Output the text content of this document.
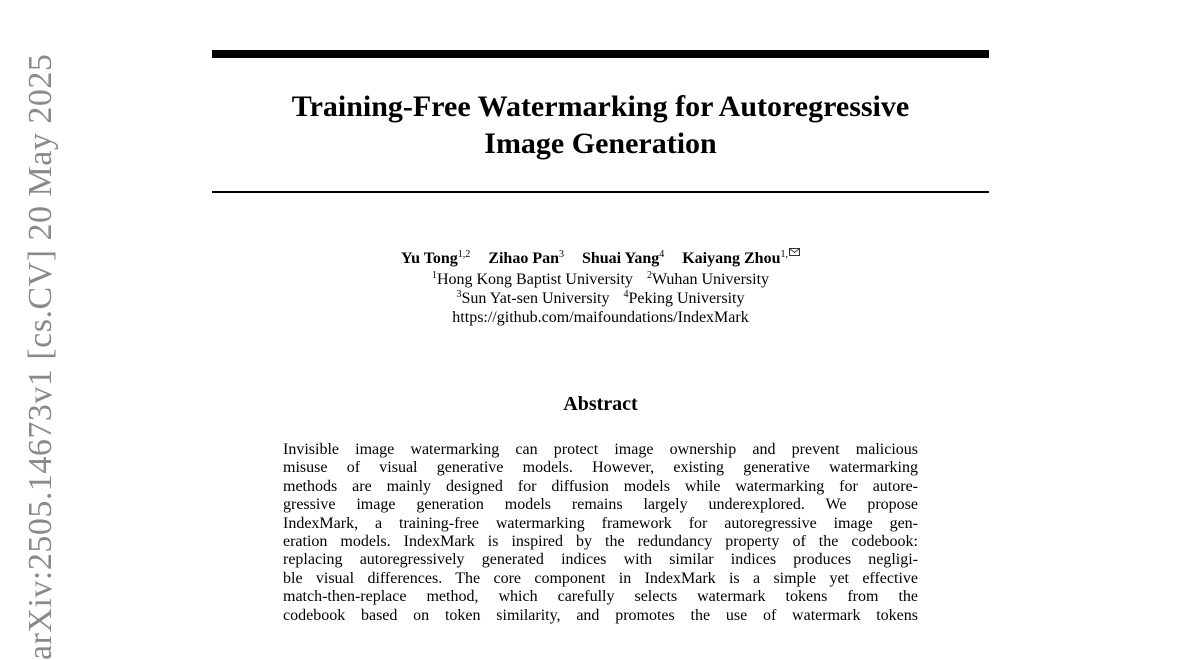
arXiv:2505.14673v1 [cs.CV] 20 May 2025	Training-Free Watermarking for Autoregressive
Image Generation
Yu Tong$^{1,2}$ Zihao Pan$^3$ Shuai Yang$^4$ Kaiyang Zhou$^{1,}$
$^1$Hong Kong Baptist University $^2$Wuhan University
$^3$Sun Yat-sen University $^4$Peking University
https://github.com/maifoundations/IndexMark
Abstract
Invisible image watermarking can protect image ownership and prevent malicious
misuse of visual generative models. However, existing generative watermarking
methods are mainly designed for diffusion models while watermarking for autore-
gressive image generation models remains largely underexplored. We propose
IndexMark, a training-free watermarking framework for autoregressive image gen-
eration models. IndexMark is inspired by the redundancy property of the codebook:
replacing autoregressively generated indices with similar indices produces negligi-
ble visual differences. The core component in IndexMark is a simple yet effective
match-then-replace method, which carefully selects watermark tokens from the
codebook based on token similarity, and promotes the use of watermark tokens
